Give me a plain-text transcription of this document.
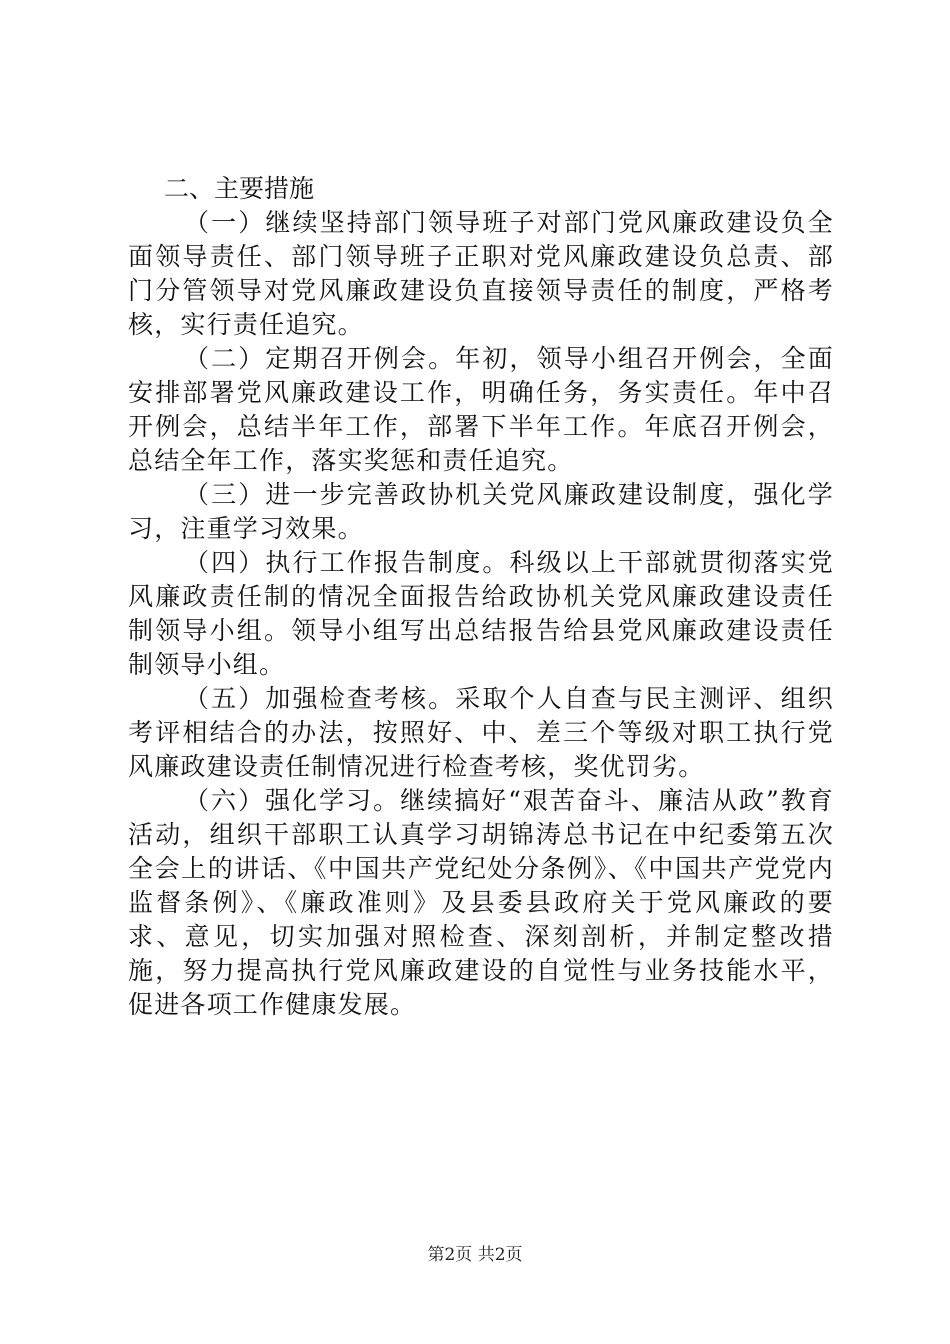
二、主要措施

（一）继续坚持部门领导班子对部门党风廉政建设负全面领导责任、部门领导班子正职对党风廉政建设负总责、部门分管领导对党风廉政建设负直接领导责任的制度，严格考核，实行责任追究。

（二）定期召开例会。年初，领导小组召开例会，全面安排部署党风廉政建设工作，明确任务，务实责任。年中召开例会，总结半年工作，部署下半年工作。年底召开例会，总结全年工作，落实奖惩和责任追究。

（三）进一步完善政协机关党风廉政建设制度，强化学习，注重学习效果。

（四）执行工作报告制度。科级以上干部就贯彻落实党风廉政责任制的情况全面报告给政协机关党风廉政建设责任制领导小组。领导小组写出总结报告给县党风廉政建设责任制领导小组。

（五）加强检查考核。采取个人自查与民主测评、组织考评相结合的办法，按照好、中、差三个等级对职工执行党风廉政建设责任制情况进行检查考核，奖优罚劣。

（六）强化学习。继续搞好“艰苦奋斗、廉洁从政”教育活动，组织干部职工认真学习胡锦涛总书记在中纪委第五次全会上的讲话、《中国共产党纪处分条例》、《中国共产党党内监督条例》、《廉政准则》及县委县政府关于党风廉政的要求、意见，切实加强对照检查、深刻剖析，并制定整改措施，努力提高执行党风廉政建设的自觉性与业务技能水平，促进各项工作健康发展。

第2页 共2页
